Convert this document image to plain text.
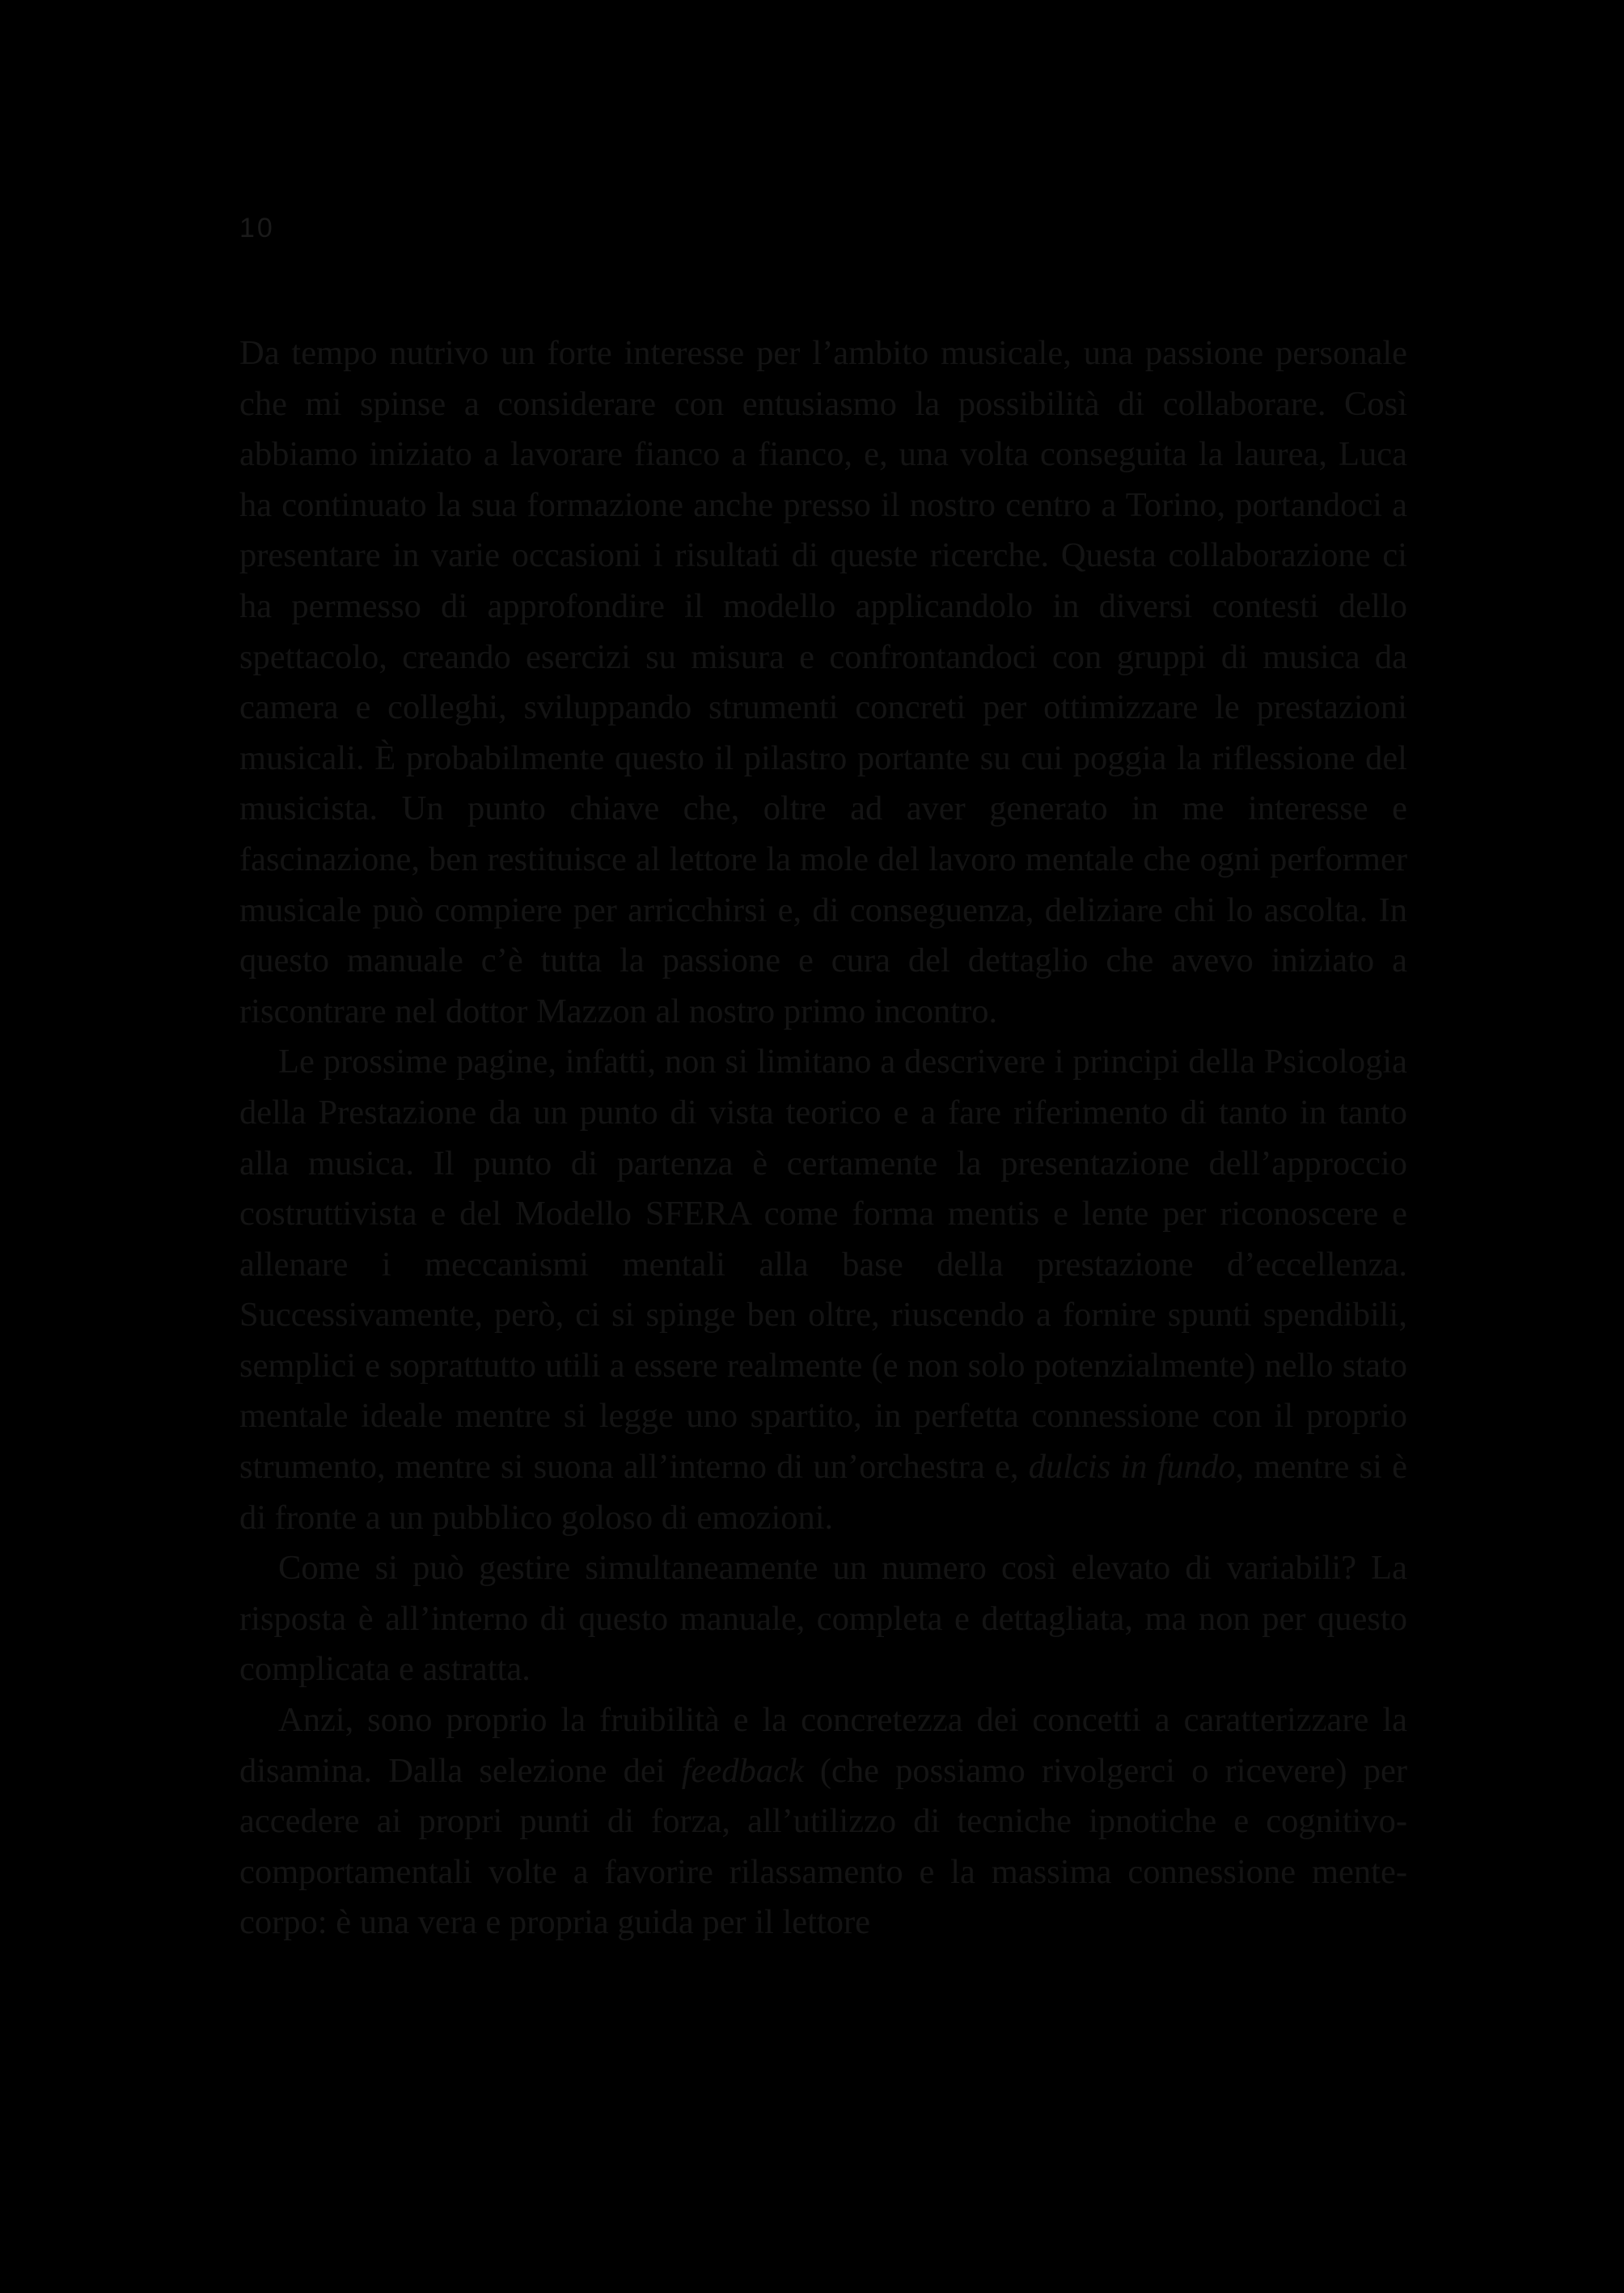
10

Da tempo nutrivo un forte interesse per l’ambito musicale, una passione personale che mi spinse a considerare con entusiasmo la possibilità di collaborare. Così abbiamo iniziato a lavorare fianco a fianco, e, una volta conseguita la laurea, Luca ha continuato la sua formazione anche presso il nostro centro a Torino, portandoci a presentare in varie occasioni i risultati di queste ricerche. Questa collaborazione ci ha permesso di approfondire il modello applicandolo in diversi contesti dello spettacolo, creando esercizi su misura e confrontandoci con gruppi di musica da camera e colleghi, sviluppando strumenti concreti per ottimizzare le prestazioni musicali. È probabilmente questo il pilastro portante su cui poggia la riflessione del musicista. Un punto chiave che, oltre ad aver generato in me interesse e fascinazione, ben restituisce al lettore la mole del lavoro mentale che ogni performer musicale può compiere per arricchirsi e, di conseguenza, deliziare chi lo ascolta. In questo manuale c’è tutta la passione e cura del dettaglio che avevo iniziato a riscontrare nel dottor Mazzon al nostro primo incontro.

Le prossime pagine, infatti, non si limitano a descrivere i principi della Psicologia della Prestazione da un punto di vista teorico e a fare riferimento di tanto in tanto alla musica. Il punto di partenza è certamente la presentazione dell’approccio costruttivista e del Modello SFERA come forma mentis e lente per riconoscere e allenare i meccanismi mentali alla base della prestazione d’eccellenza. Successivamente, però, ci si spinge ben oltre, riuscendo a fornire spunti spendibili, semplici e soprattutto utili a essere realmente (e non solo potenzialmente) nello stato mentale ideale mentre si legge uno spartito, in perfetta connessione con il proprio strumento, mentre si suona all’interno di un’orchestra e, dulcis in fundo, mentre si è di fronte a un pubblico goloso di emozioni.

Come si può gestire simultaneamente un numero così elevato di variabili? La risposta è all’interno di questo manuale, completa e dettagliata, ma non per questo complicata e astratta.

Anzi, sono proprio la fruibilità e la concretezza dei concetti a caratterizzare la disamina. Dalla selezione dei feedback (che possiamo rivolgerci o ricevere) per accedere ai propri punti di forza, all’utilizzo di tecniche ipnotiche e cognitivo-comportamentali volte a favorire rilassamento e la massima connessione mente-corpo: è una vera e propria guida per il lettore
